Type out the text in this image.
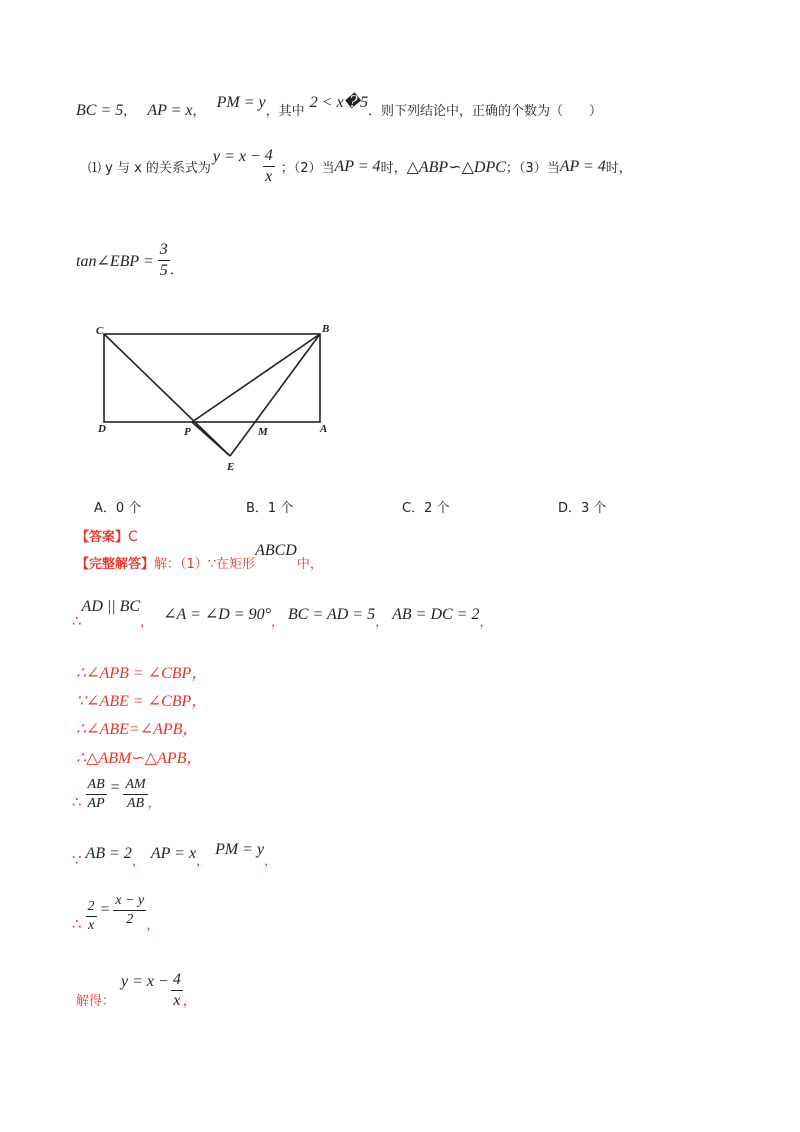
BC = 5， AP = x， PM = y，其中 2 < x�5．则下列结论中，正确的个数为（　　）
⑴ y 与 x 的关系式为
$y = x - \frac{4}{x}$ ；（2）当 AP = 4 时， △ABP∽△DPC ；（3）当 AP = 4 时，
tan∠EBP = $\frac{3}{5}$ ．
C	B
D	P	M	A
E
A．0 个	B．1 个	C．2 个	D．3 个
【答案】C
【完整解答】 解：（1）∵在矩形
ABCD
中，
∴
AD || BC
， ∠A = ∠D = 90° ， BC = AD = 5 ， AB = DC = 2 ，
∴∠APB = ∠CBP，
∵∠ABE = ∠CBP，
∴∠ABE=∠APB，
∴△ABM∽△APB，
∴ $\frac{AB}{AP} = \frac{AM}{AB}$ ，
∵ AB = 2 ， AP = x ，
PM = y
，
∴ $\frac{2}{x} = \frac{x - y}{2}$ ，
解得：
$y = x - \frac{4}{x}$ ，
